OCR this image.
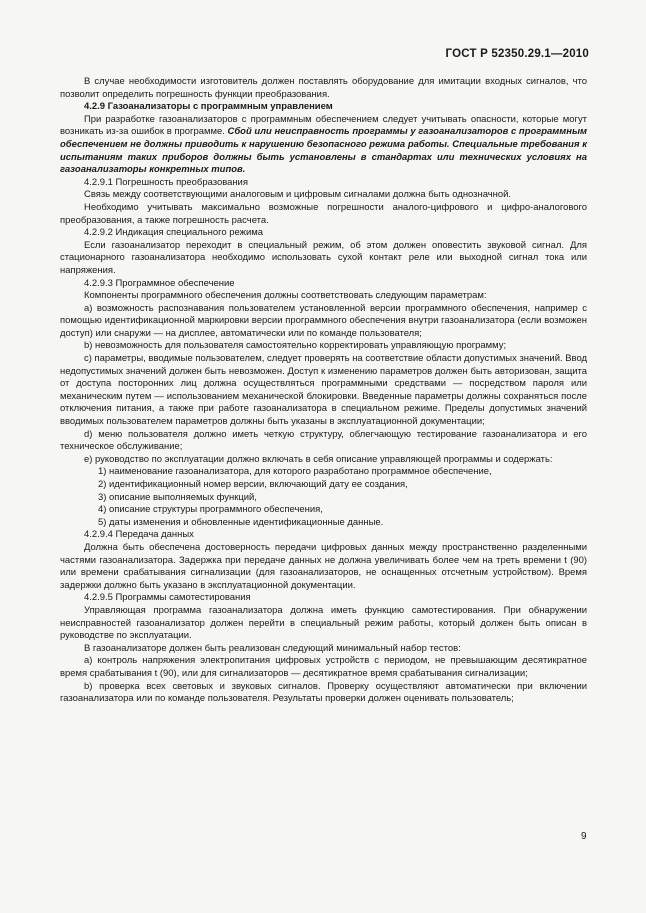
ГОСТ Р 52350.29.1—2010

В случае необходимости изготовитель должен поставлять оборудование для имитации входных сигналов, что позволит определить погрешность функции преобразования.

4.2.9 Газоанализаторы с программным управлением

При разработке газоанализаторов с программным обеспечением следует учитывать опасности, которые могут возникать из-за ошибок в программе. Сбой или неисправность программы у газоанализаторов с программным обеспечением не должны приводить к нарушению безопасного режима работы. Специальные требования к испытаниям таких приборов должны быть установлены в стандартах или технических условиях на газоанализаторы конкретных типов.

4.2.9.1 Погрешность преобразования

Связь между соответствующими аналоговым и цифровым сигналами должна быть однозначной.

Необходимо учитывать максимально возможные погрешности аналого-цифрового и цифро-аналогового преобразования, а также погрешность расчета.

4.2.9.2 Индикация специального режима

Если газоанализатор переходит в специальный режим, об этом должен оповестить звуковой сигнал. Для стационарного газоанализатора необходимо использовать сухой контакт реле или выходной сигнал тока или напряжения.

4.2.9.3 Программное обеспечение

Компоненты программного обеспечения должны соответствовать следующим параметрам:

а) возможность распознавания пользователем установленной версии программного обеспечения, например с помощью идентификационной маркировки версии программного обеспечения внутри газоанализатора (если возможен доступ) или снаружи — на дисплее, автоматически или по команде пользователя;

b) невозможность для пользователя самостоятельно корректировать управляющую программу;

c) параметры, вводимые пользователем, следует проверять на соответствие области допустимых значений. Ввод недопустимых значений должен быть невозможен. Доступ к изменению параметров должен быть авторизован, защита от доступа посторонних лиц должна осуществляться программными средствами — посредством пароля или механическим путем — использованием механической блокировки. Введенные параметры должны сохраняться после отключения питания, а также при работе газоанализатора в специальном режиме. Пределы допустимых значений вводимых пользователем параметров должны быть указаны в эксплуатационной документации;

d) меню пользователя должно иметь четкую структуру, облегчающую тестирование газоанализатора и его техническое обслуживание;

e) руководство по эксплуатации должно включать в себя описание управляющей программы и содержать:

1) наименование газоанализатора, для которого разработано программное обеспечение,

2) идентификационный номер версии, включающий дату ее создания,

3) описание выполняемых функций,

4) описание структуры программного обеспечения,

5) даты изменения и обновленные идентификационные данные.

4.2.9.4 Передача данных

Должна быть обеспечена достоверность передачи цифровых данных между пространственно разделенными частями газоанализатора. Задержка при передаче данных не должна увеличивать более чем на треть времени t (90) или времени срабатывания сигнализации (для газоанализаторов, не оснащенных отсчетным устройством). Время задержки должно быть указано в эксплуатационной документации.

4.2.9.5 Программы самотестирования

Управляющая программа газоанализатора должна иметь функцию самотестирования. При обнаружении неисправностей газоанализатор должен перейти в специальный режим работы, который должен быть описан в руководстве по эксплуатации.

В газоанализаторе должен быть реализован следующий минимальный набор тестов:

а) контроль напряжения электропитания цифровых устройств с периодом, не превышающим десятикратное время срабатывания t (90), или для сигнализаторов — десятикратное время срабатывания сигнализации;

b) проверка всех световых и звуковых сигналов. Проверку осуществляют автоматически при включении газоанализатора или по команде пользователя. Результаты проверки должен оценивать пользователь;

9
